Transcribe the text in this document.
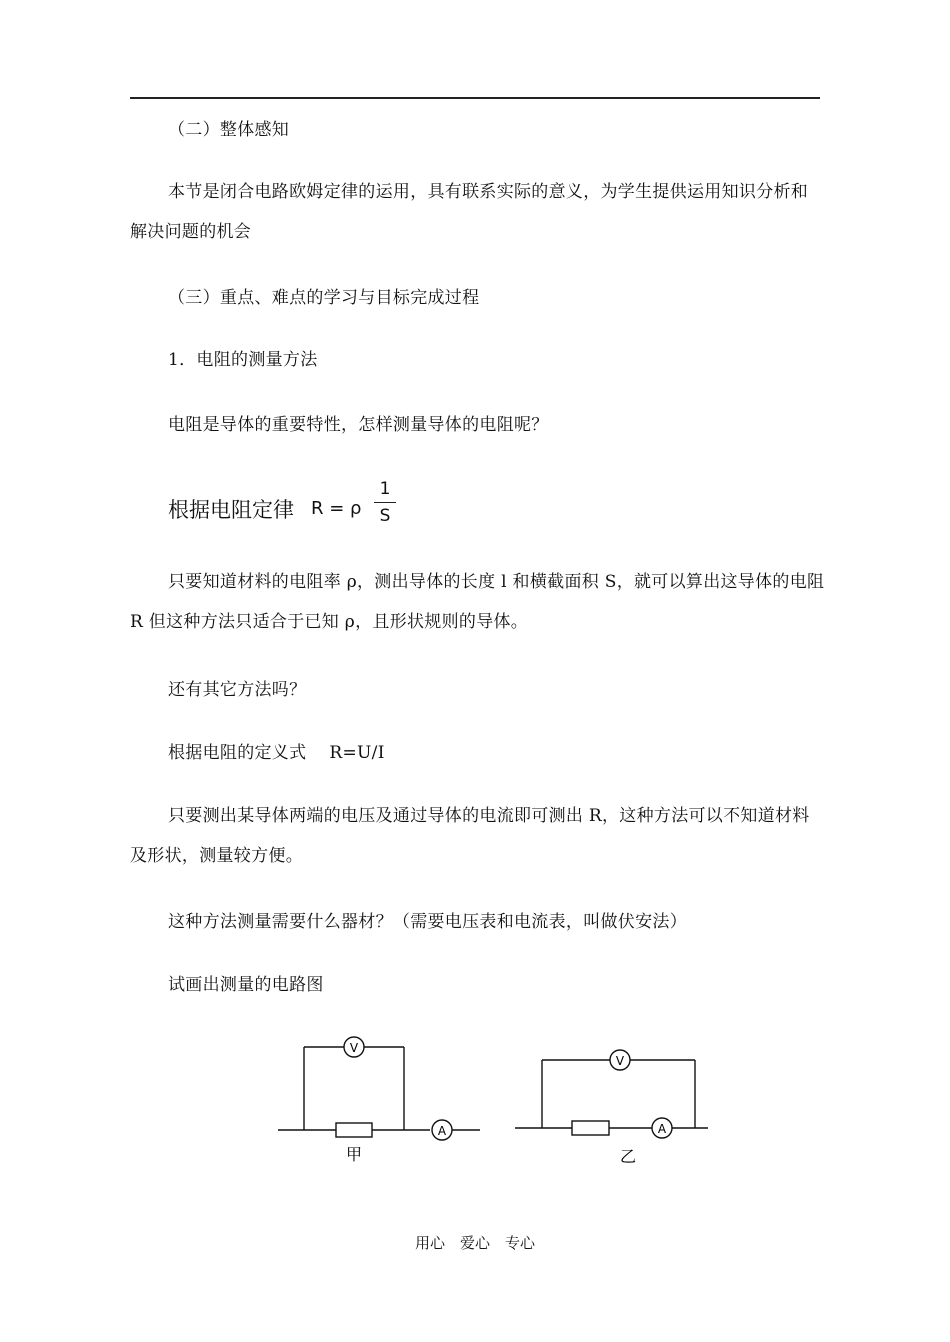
（二）整体感知
本节是闭合电路欧姆定律的运用，具有联系实际的意义，为学生提供运用知识分析和解决问题的机会
（三）重点、难点的学习与目标完成过程
1．电阻的测量方法
电阻是导体的重要特性，怎样测量导体的电阻呢？
根据电阻定律 R = ρ
1
S
只要知道材料的电阻率 ρ，测出导体的长度 l 和横截面积 S，就可以算出这导体的电阻 R 但这种方法只适合于已知 ρ，且形状规则的导体。
还有其它方法吗？
根据电阻的定义式　 R=U/I
只要测出某导体两端的电压及通过导体的电流即可测出 R，这种方法可以不知道材料及形状，测量较方便。
这种方法测量需要什么器材？（需要电压表和电流表，叫做伏安法）
试画出测量的电路图
V
A
甲
V
A
乙
用心　爱心　专心
